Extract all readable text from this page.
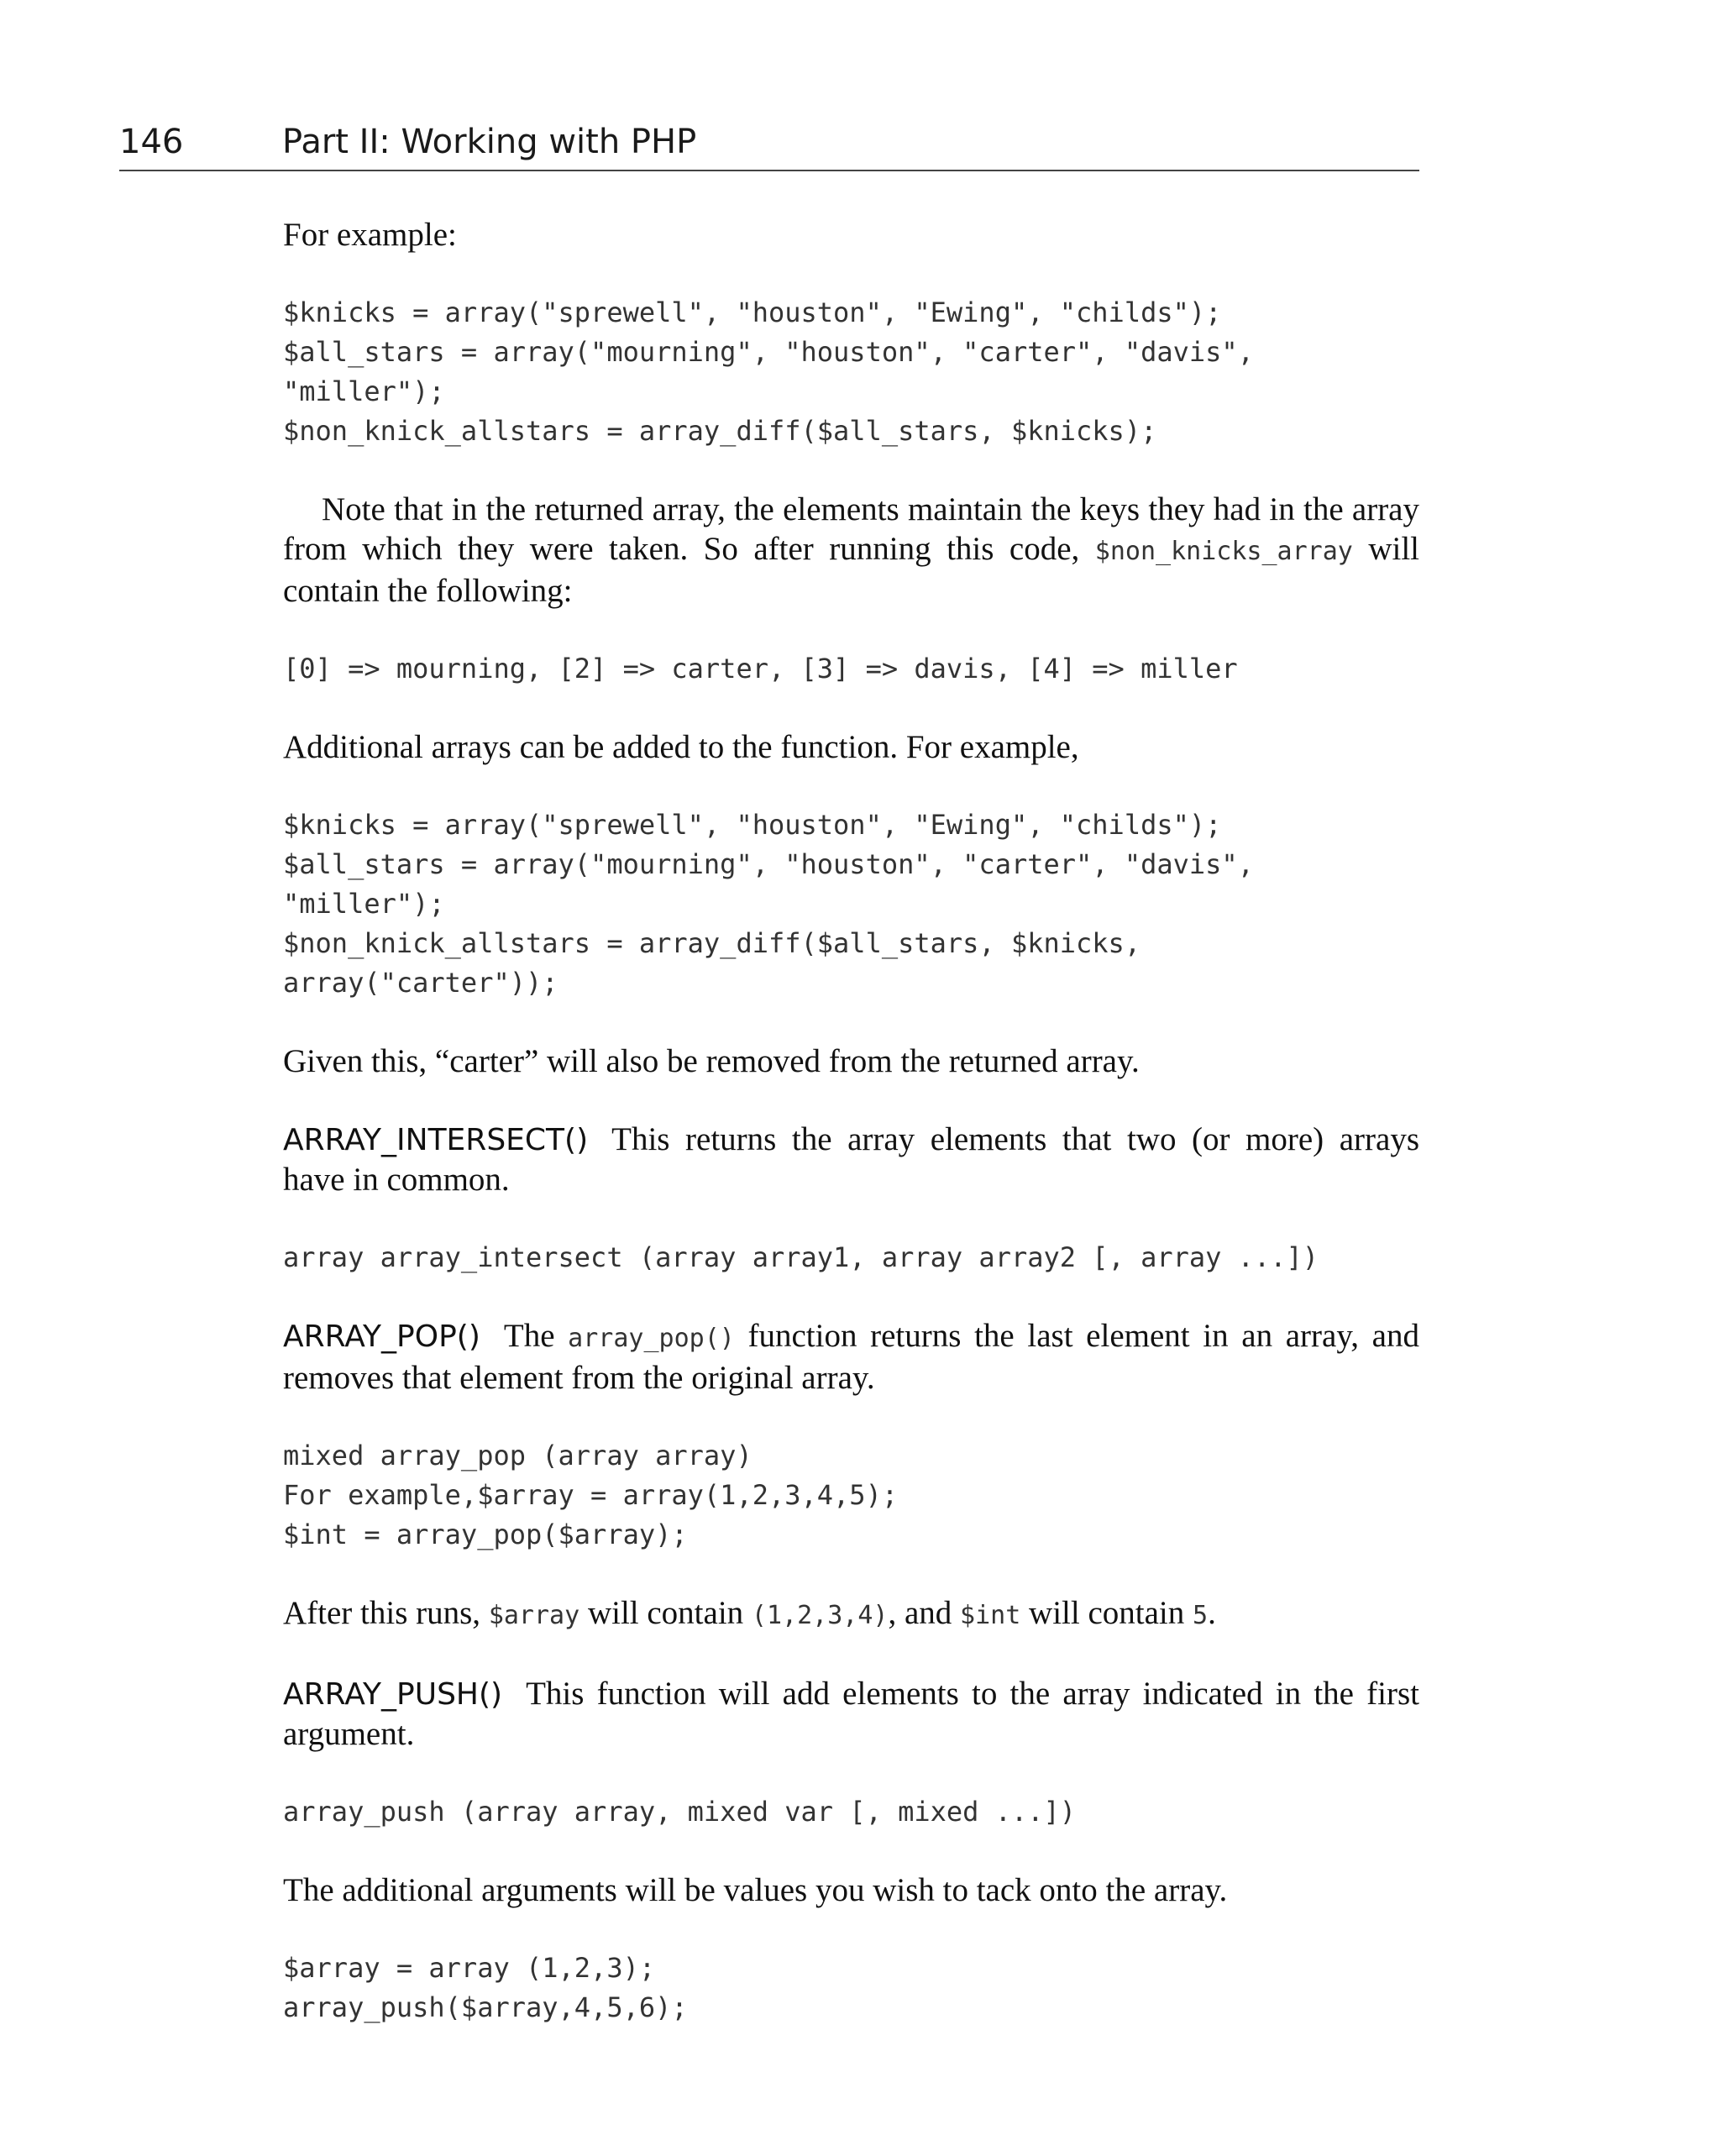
146	Part II: Working with PHP

For example:

$knicks = array("sprewell", "houston", "Ewing", "childs");
$all_stars = array("mourning", "houston", "carter", "davis",
"miller");
$non_knick_allstars = array_diff($all_stars, $knicks);

Note that in the returned array, the elements maintain the keys they had in the array from which they were taken. So after running this code, $non_knicks_array will contain the following:

[0] => mourning, [2] => carter, [3] => davis, [4] => miller

Additional arrays can be added to the function. For example,

$knicks = array("sprewell", "houston", "Ewing", "childs");
$all_stars = array("mourning", "houston", "carter", "davis",
"miller");
$non_knick_allstars = array_diff($all_stars, $knicks,
array("carter"));

Given this, “carter” will also be removed from the returned array.

ARRAY_INTERSECT() This returns the array elements that two (or more) arrays have in common.

array array_intersect (array array1, array array2 [, array ...])

ARRAY_POP() The array_pop() function returns the last element in an array, and removes that element from the original array.

mixed array_pop (array array)
For example,$array = array(1,2,3,4,5);
$int = array_pop($array);

After this runs, $array will contain (1,2,3,4), and $int will contain 5.

ARRAY_PUSH() This function will add elements to the array indicated in the first argument.

array_push (array array, mixed var [, mixed ...])

The additional arguments will be values you wish to tack onto the array.

$array = array (1,2,3);
array_push($array,4,5,6);
